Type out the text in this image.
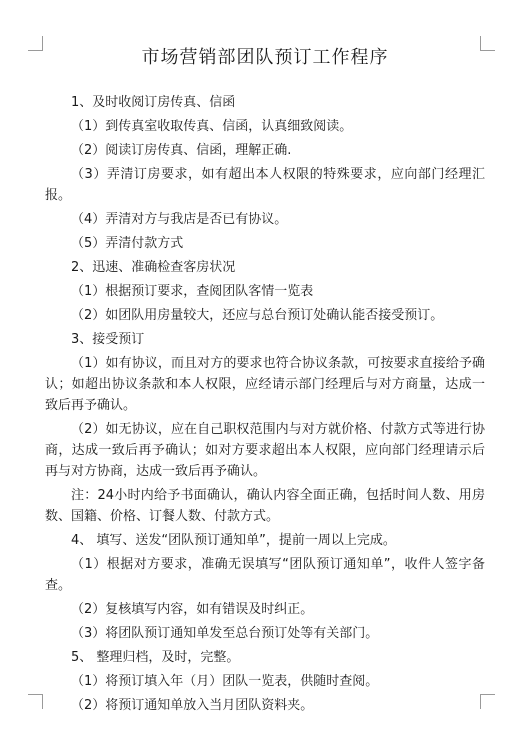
市场营销部团队预订工作程序

1、及时收阅订房传真、信函

（1）到传真室收取传真、信函，认真细致阅读。

（2）阅读订房传真、信函，理解正确.

（3）弄清订房要求，如有超出本人权限的特殊要求，应向部门经理汇报。

（4）弄清对方与我店是否已有协议。

（5）弄清付款方式

2、迅速、准确检查客房状况

（1）根据预订要求，查阅团队客情一览表

（2）如团队用房量较大，还应与总台预订处确认能否接受预订。

3、接受预订

（1）如有协议，而且对方的要求也符合协议条款，可按要求直接给予确认；如超出协议条款和本人权限，应经请示部门经理后与对方商量，达成一致后再予确认。

（2）如无协议，应在自己职权范围内与对方就价格、付款方式等进行协商，达成一致后再予确认；如对方要求超出本人权限，应向部门经理请示后再与对方协商，达成一致后再予确认。

注：24小时内给予书面确认，确认内容全面正确，包括时间人数、用房数、国籍、价格、订餐人数、付款方式。

4、 填写、送发“团队预订通知单”，提前一周以上完成。

（1）根据对方要求，准确无误填写“团队预订通知单”，收件人签字备查。

（2）复核填写内容，如有错误及时纠正。

（3）将团队预订通知单发至总台预订处等有关部门。

5、 整理归档，及时，完整。

（1）将预订填入年（月）团队一览表，供随时查阅。

（2）将预订通知单放入当月团队资料夹。
